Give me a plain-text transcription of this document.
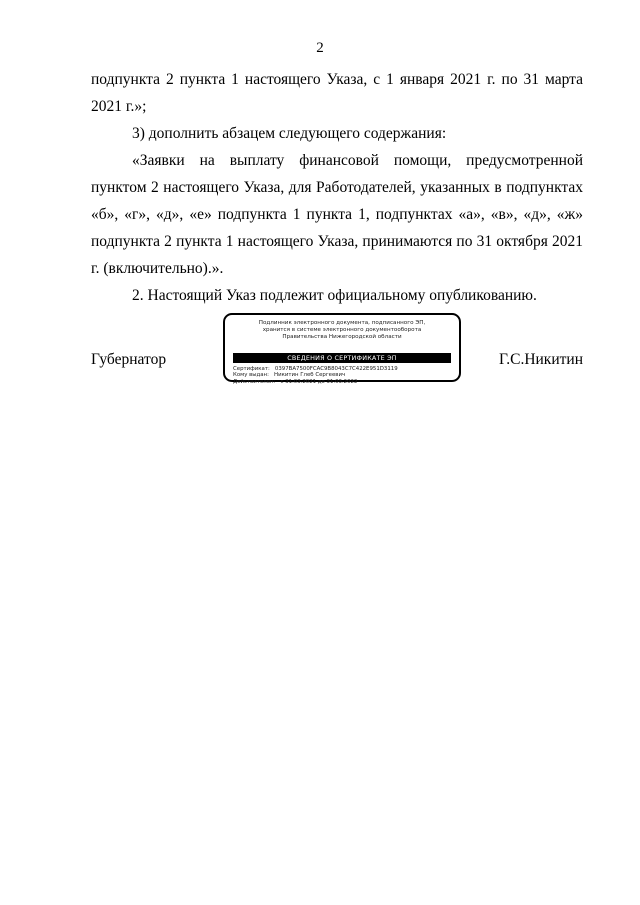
2

подпункта 2 пункта 1 настоящего Указа, с 1 января 2021 г. по 31 марта 2021 г.»;

3) дополнить абзацем следующего содержания:

«Заявки на выплату финансовой помощи, предусмотренной пунктом 2 настоящего Указа, для Работодателей, указанных в подпунктах «б», «г», «д», «е» подпункта 1 пункта 1, подпунктах «а», «в», «д», «ж» подпункта 2 пункта 1 настоящего Указа, принимаются по 31 октября 2021 г. (включительно).».

2. Настоящий Указ подлежит официальному опубликованию.

Губернатор
Подлинник электронного документа, подписанного ЭП,
хранится в системе электронного документооборота
Правительства Нижегородской области
СВЕДЕНИЯ О СЕРТИФИКАТЕ ЭП
Сертификат:   0397BA7500FCAC9B8043C7C422E951D3119
Кому выдан:   Никитин Глеб Сергеевич
Действителен:   с 31.03.2021 до 31.03.2022
Г.С.Никитин
